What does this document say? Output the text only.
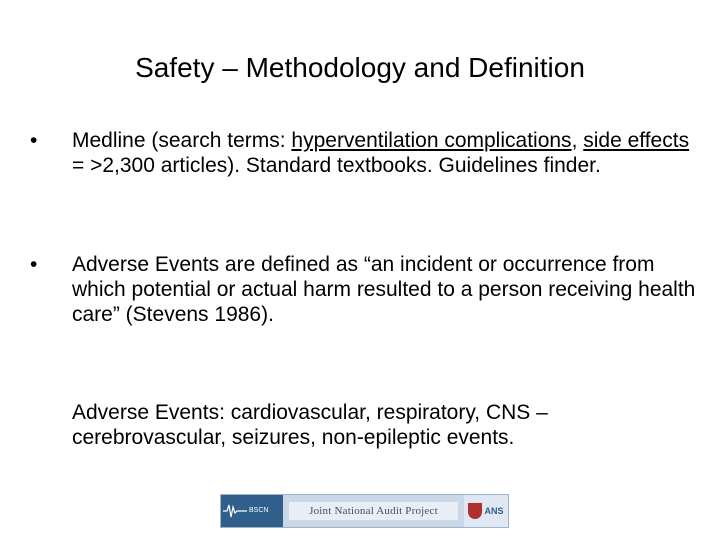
Safety – Methodology and Definition
• Medline (search terms: hyperventilation complications, side effects = >2,300 articles). Standard textbooks. Guidelines finder.
• Adverse Events are defined as “an incident or occurrence from which potential or actual harm resulted to a person receiving health care” (Stevens 1986).
Adverse Events: cardiovascular, respiratory, CNS – cerebrovascular, seizures, non-epileptic events.
BSCN	Joint National Audit Project	ANS
